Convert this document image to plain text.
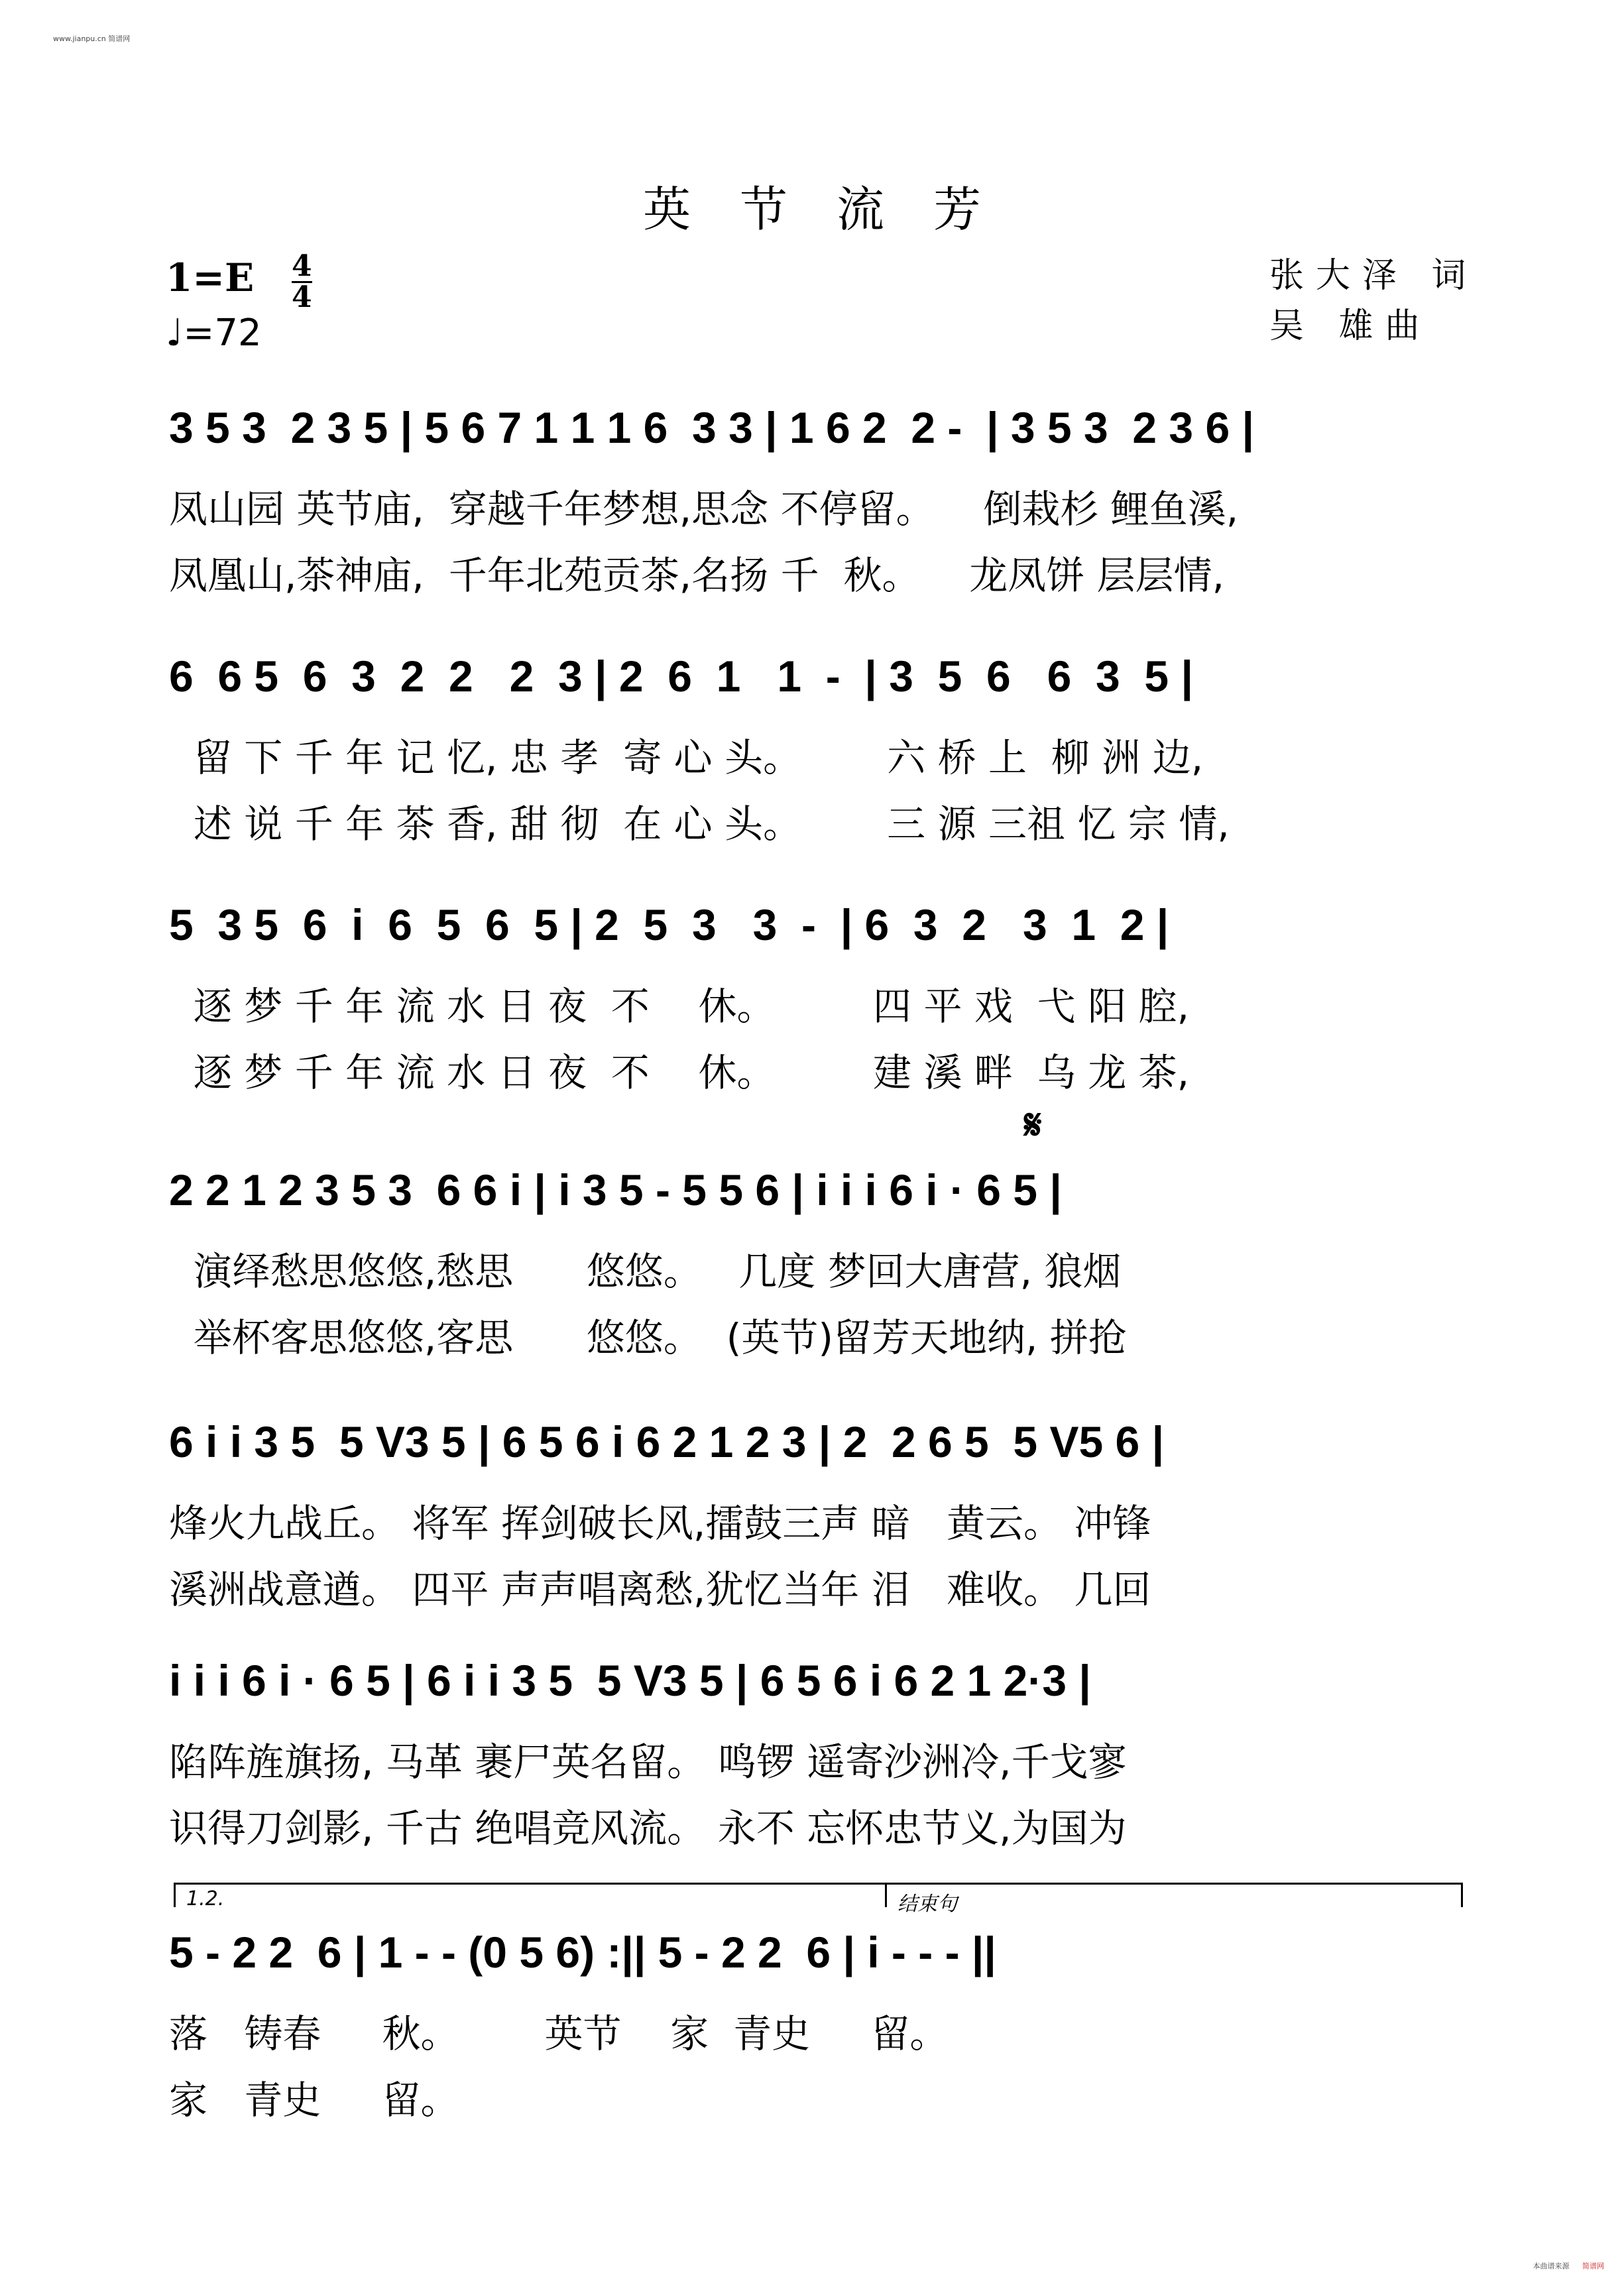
www.jianpu.cn 简谱网
英节流芳
1=E 4
4
♩=72
张大泽 词
吴 雄曲
3 5 3  2 3 5 | 5 6 7 1 1 1 6  3 3 | 1 6 2  2 -  | 3 5 3  2 3 6 |
凤山园 英节庙,  穿越千年梦想,思念 不停留。    倒栽杉 鲤鱼溪,
凤凰山,茶神庙,  千年北苑贡茶,名扬 千  秋。    龙凤饼 层层情,
6  6 5  6  3  2  2   2  3 | 2  6  1   1  -  | 3  5  6   6  3  5 |
留 下 千 年 记 忆, 忠 孝  寄 心 头。       六 桥 上  柳 洲 边,
述 说 千 年 茶 香, 甜 彻  在 心 头。       三 源 三祖 忆 宗 情,
5  3 5  6  i  6  5  6  5 | 2  5  3   3  -  | 6  3  2   3  1  2 |
逐 梦 千 年 流 水 日 夜  不    休。        四 平 戏  弋 阳 腔,
逐 梦 千 年 流 水 日 夜  不    休。        建 溪 畔  乌 龙 茶,
𝄋
2 2 1 2 3 5 3  6 6 i | i 3 5 - 5 5 6 | i i i 6 i · 6 5 |
演绎愁思悠悠,愁思      悠悠。   几度 梦回大唐营, 狼烟
举杯客思悠悠,客思      悠悠。  (英节)留芳天地纳, 拼抢
6 i i 3 5  5 V3 5 | 6 5 6 i 6 2 1 2 3 | 2  2 6 5  5 V5 6 |
烽火九战丘。 将军 挥剑破长风,擂鼓三声 暗   黄云。 冲锋
溪洲战意遒。 四平 声声唱离愁,犹忆当年 泪   难收。 几回
i i i 6 i · 6 5 | 6 i i 3 5  5 V3 5 | 6 5 6 i 6 2 1 2·3 |
陷阵旌旗扬, 马革 裹尸英名留。 鸣锣 遥寄沙洲冷,千戈寥
识得刀剑影, 千古 绝唱竞风流。 永不 忘怀忠节义,为国为
1.2.	结束句
5 - 2 2  6 | 1 - - (0 5 6) :|| 5 - 2 2  6 | i - - - ||
落   铸春     秋。       英节    家  青史     留。
家   青史     留。
本曲谱来源 简谱网
